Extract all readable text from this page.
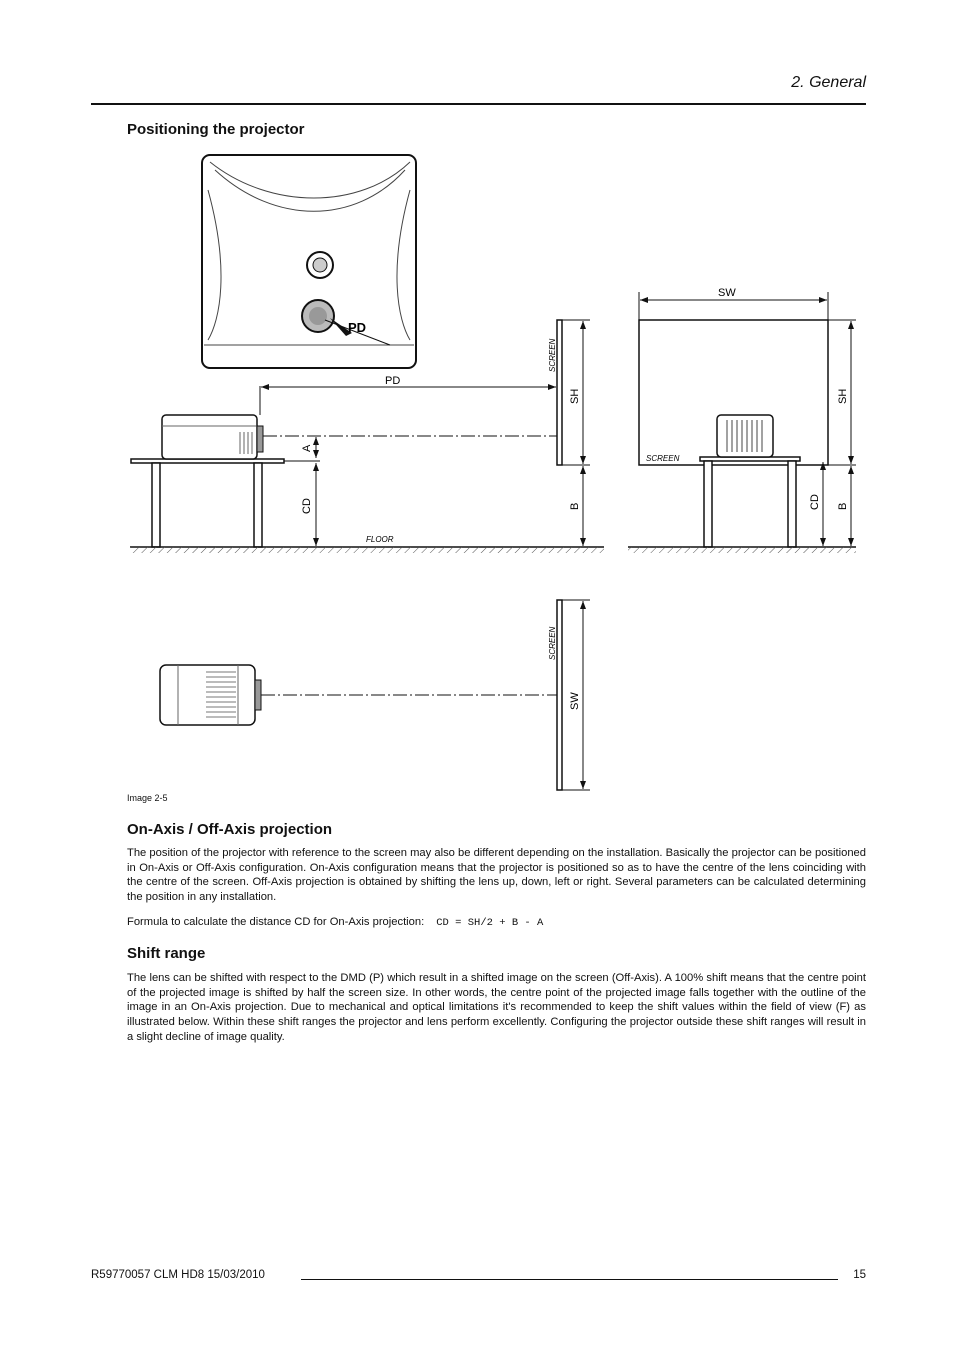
2. General
Positioning the projector
PD
PD
A
CD
SH
B
SCREEN
FLOOR
SW
SH
B
CD
SCREEN
SW
SCREEN
Image 2-5
On-Axis / Off-Axis projection

The position of the projector with reference to the screen may also be different depending on the installation. Basically the projector can be positioned in On-Axis or Off-Axis configuration. On-Axis configuration means that the projector is positioned so as to have the centre of the lens coinciding with the centre of the screen. Off-Axis projection is obtained by shifting the lens up, down, left or right. Several parameters can be calculated determining the position in any installation.

Formula to calculate the distance CD for On-Axis projection: CD = SH/2 + B - A

Shift range

The lens can be shifted with respect to the DMD (P) which result in a shifted image on the screen (Off-Axis). A 100% shift means that the centre point of the projected image is shifted by half the screen size. In other words, the centre point of the projected image falls together with the outline of the image in an On-Axis projection. Due to mechanical and optical limitations it's recommended to keep the shift values within the field of view (F) as illustrated below. Within these shift ranges the projector and lens perform excellently. Configuring the projector outside these shift ranges will result in a slight decline of image quality.

R59770057 CLM HD8 15/03/2010	15
